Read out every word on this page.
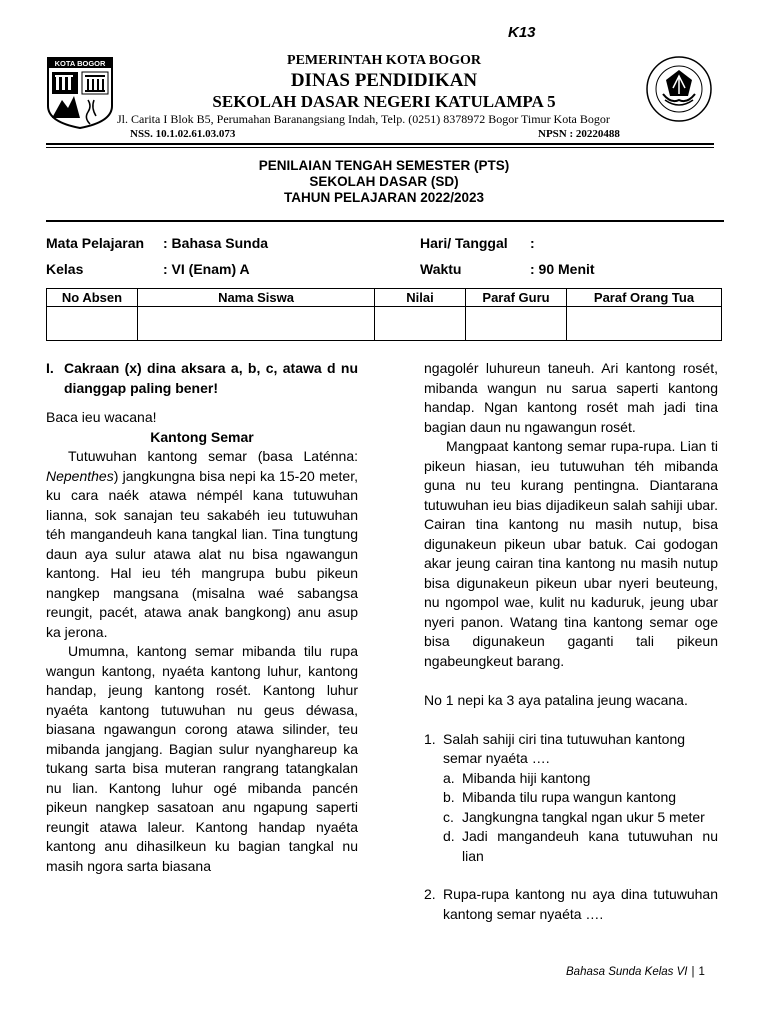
K13
KOTA BOGOR	PEMERINTAH KOTA BOGOR
DINAS PENDIDIKAN
SEKOLAH DASAR NEGERI KATULAMPA 5
Jl. Carita I Blok B5, Perumahan Baranangsiang Indah, Telp. (0251) 8378972 Bogor Timur Kota Bogor
NSS. 10.1.02.61.03.073	NPSN : 20220488
PENILAIAN TENGAH SEMESTER (PTS)
SEKOLAH DASAR (SD)
TAHUN PELAJARAN 2022/2023
Mata Pelajaran : Bahasa Sunda	Hari/ Tanggal :
Kelas	: VI (Enam) A	Waktu	: 90 Menit
No Absen	Nama Siswa	Nilai	Paraf Guru	Paraf Orang Tua

I. Cakraan (x) dina aksara a, b, c, atawa d nu dianggap paling bener!

Baca ieu wacana!

Kantong Semar

Tutuwuhan kantong semar (basa Laténna: Nepenthes) jangkungna bisa nepi ka 15-20 meter, ku cara naék atawa némpél kana tutuwuhan lianna, sok sanajan teu sakabéh ieu tutuwuhan téh mangandeuh kana tangkal lian. Tina tungtung daun aya sulur atawa alat nu bisa ngawangun kantong. Hal ieu téh mangrupa bubu pikeun nangkep mangsana (misalna waé sabangsa reungit, pacét, atawa anak bangkong) anu asup ka jerona.

Umumna, kantong semar mibanda tilu rupa wangun kantong, nyaéta kantong luhur, kantong handap, jeung kantong rosét. Kantong luhur nyaéta kantong tutuwuhan nu geus déwasa, biasana ngawangun corong atawa silinder, teu mibanda jangjang. Bagian sulur nyanghareup ka tukang sarta bisa muteran rangrang tatangkalan nu lian. Kantong luhur ogé mibanda pancén pikeun nangkep sasatoan anu ngapung saperti reungit atawa laleur. Kantong handap nyaéta kantong anu dihasilkeun ku bagian tangkal nu masih ngora sarta biasana

ngagolér luhureun taneuh. Ari kantong rosét, mibanda wangun nu sarua saperti kantong handap. Ngan kantong rosét mah jadi tina bagian daun nu ngawangun rosét.

Mangpaat kantong semar rupa-rupa. Lian ti pikeun hiasan, ieu tutuwuhan téh mibanda guna nu teu kurang pentingna. Diantarana tutuwuhan ieu bias dijadikeun salah sahiji ubar. Cairan tina kantong nu masih nutup, bisa digunakeun pikeun ubar batuk. Cai godogan akar jeung cairan tina kantong nu masih nutup bisa digunakeun pikeun ubar nyeri beuteung, nu ngompol wae, kulit nu kaduruk, jeung ubar nyeri panon. Watang tina kantong semar oge bisa digunakeun gaganti tali pikeun ngabeungkeut barang.

No 1 nepi ka 3 aya patalina jeung wacana.

1. Salah sahiji ciri tina tutuwuhan kantong semar nyaéta ….
a. Mibanda hiji kantong
b. Mibanda tilu rupa wangun kantong
c. Jangkungna tangkal ngan ukur 5 meter
d. Jadi mangandeuh kana tutuwuhan nu lian
2. Rupa-rupa kantong nu aya dina tutuwuhan kantong semar nyaéta ….
Bahasa Sunda Kelas VI | 1
